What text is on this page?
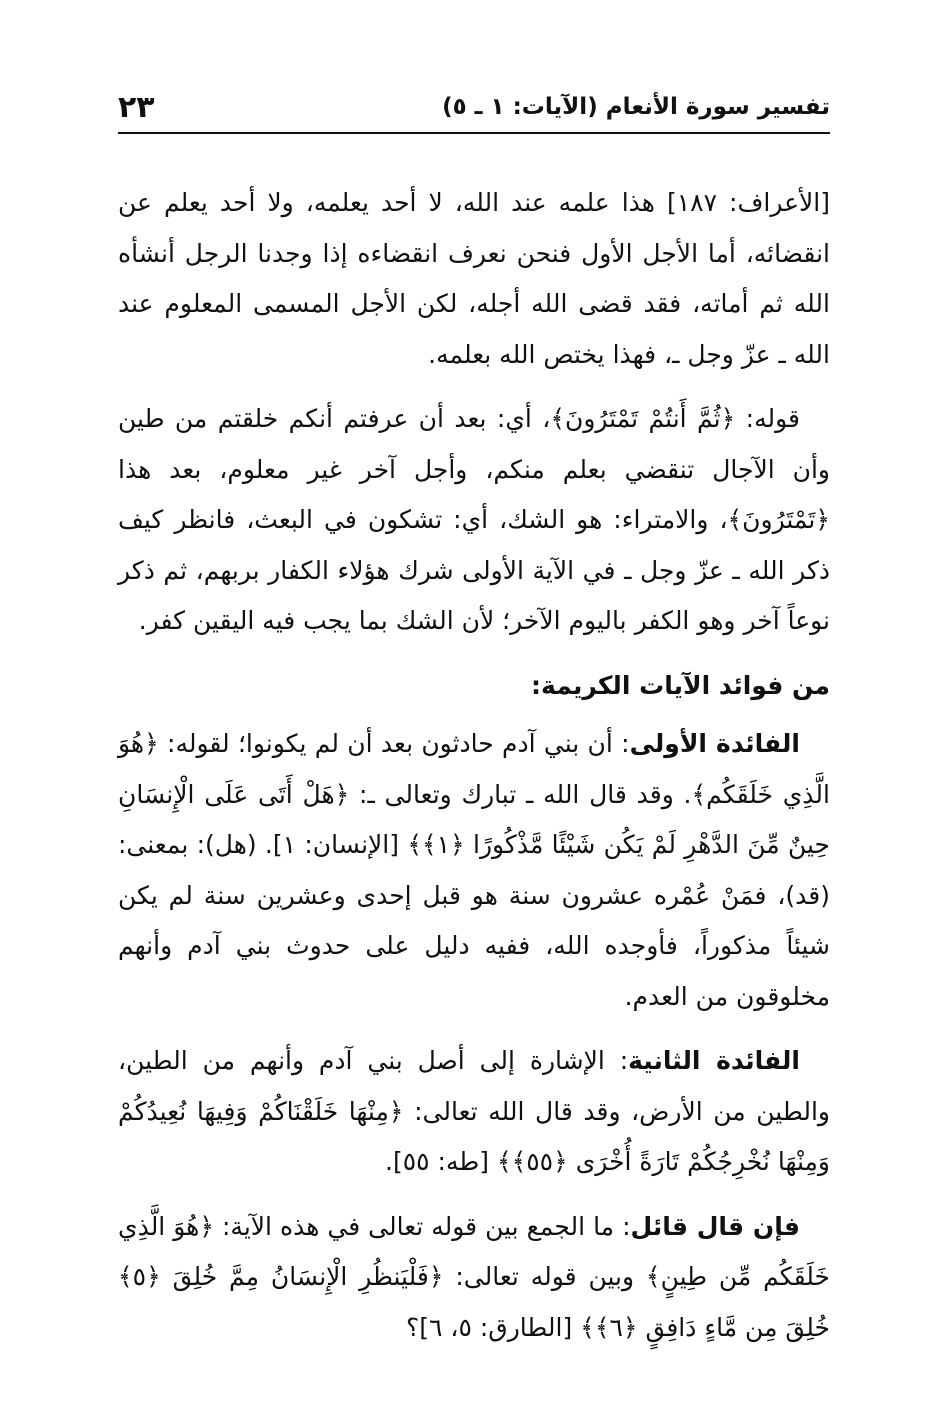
تفسير سورة الأنعام (الآيات: ١ ـ ٥)
٢٣

[الأعراف: ١٨٧] هذا علمه عند الله، لا أحد يعلمه، ولا أحد يعلم عن انقضائه، أما الأجل الأول فنحن نعرف انقضاءه إذا وجدنا الرجل أنشأه الله ثم أماته، فقد قضى الله أجله، لكن الأجل المسمى المعلوم عند الله ـ عزّ وجل ـ، فهذا يختص الله بعلمه.

قوله: ﴿ثُمَّ أَنتُمْ تَمْتَرُونَ﴾، أي: بعد أن عرفتم أنكم خلقتم من طين وأن الآجال تنقضي بعلم منكم، وأجل آخر غير معلوم، بعد هذا ﴿تَمْتَرُونَ﴾، والامتراء: هو الشك، أي: تشكون في البعث، فانظر كيف ذكر الله ـ عزّ وجل ـ في الآية الأولى شرك هؤلاء الكفار بربهم، ثم ذكر نوعاً آخر وهو الكفر باليوم الآخر؛ لأن الشك بما يجب فيه اليقين كفر.

من فوائد الآيات الكريمة:

الفائدة الأولى: أن بني آدم حادثون بعد أن لم يكونوا؛ لقوله: ﴿هُوَ الَّذِي خَلَقَكُم﴾. وقد قال الله ـ تبارك وتعالى ـ: ﴿هَلْ أَتَى عَلَى الْإِنسَانِ حِينٌ مِّنَ الدَّهْرِ لَمْ يَكُن شَيْئًا مَّذْكُورًا ﴿١﴾﴾ [الإنسان: ١]. (هل): بمعنى: (قد)، فمَنْ عُمْره عشرون سنة هو قبل إحدى وعشرين سنة لم يكن شيئاً مذكوراً، فأوجده الله، ففيه دليل على حدوث بني آدم وأنهم مخلوقون من العدم.

الفائدة الثانية: الإشارة إلى أصل بني آدم وأنهم من الطين، والطين من الأرض، وقد قال الله تعالى: ﴿مِنْهَا خَلَقْنَاكُمْ وَفِيهَا نُعِيدُكُمْ وَمِنْهَا نُخْرِجُكُمْ تَارَةً أُخْرَى ﴿٥٥﴾﴾ [طه: ٥٥].

فإن قال قائل: ما الجمع بين قوله تعالى في هذه الآية: ﴿هُوَ الَّذِي خَلَقَكُم مِّن طِينٍ﴾ وبين قوله تعالى: ﴿فَلْيَنظُرِ الْإِنسَانُ مِمَّ خُلِقَ ﴿٥﴾ خُلِقَ مِن مَّاءٍ دَافِقٍ ﴿٦﴾﴾ [الطارق: ٥، ٦]؟
